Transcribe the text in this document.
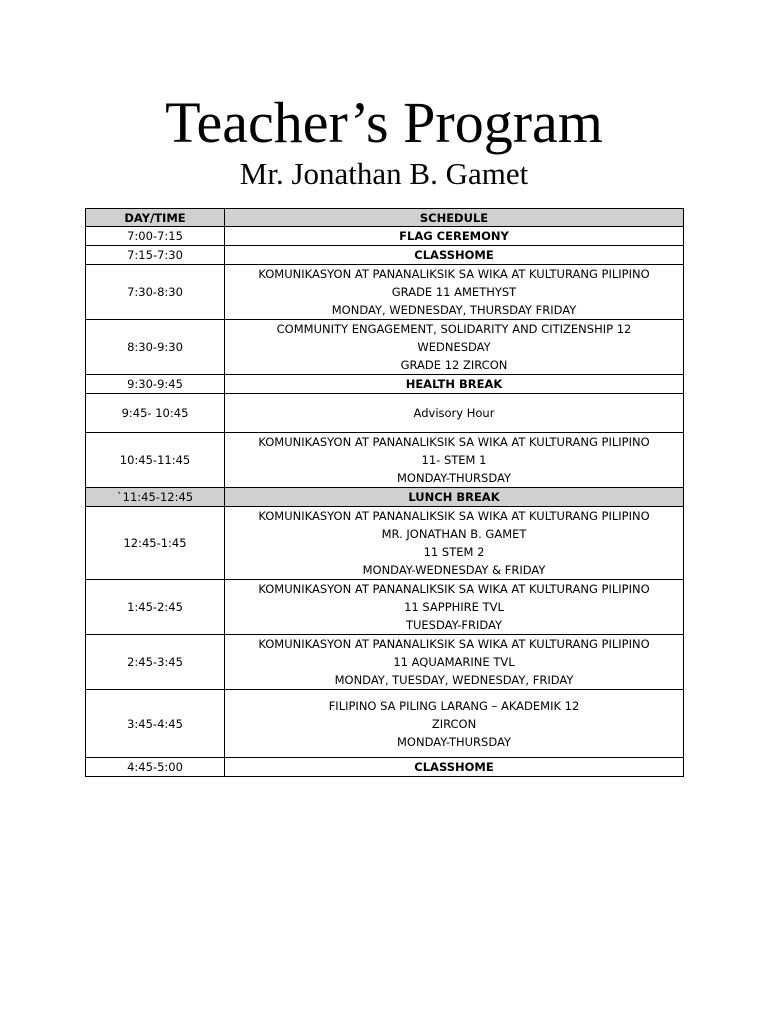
Teacher’s Program
Mr. Jonathan B. Gamet
DAY/TIME	SCHEDULE
7:00-7:15	FLAG CEREMONY

7:15-7:30	CLASSHOME

7:30-8:30	KOMUNIKASYON AT PANANALIKSIK SA WIKA AT KULTURANG PILIPINO
GRADE 11 AMETHYST
MONDAY, WEDNESDAY, THURSDAY FRIDAY

8:30-9:30	COMMUNITY ENGAGEMENT, SOLIDARITY AND CITIZENSHIP 12
WEDNESDAY
GRADE 12 ZIRCON

9:30-9:45	HEALTH BREAK

9:45- 10:45	Advisory Hour

10:45-11:45	KOMUNIKASYON AT PANANALIKSIK SA WIKA AT KULTURANG PILIPINO
11- STEM 1
MONDAY-THURSDAY

`11:45-12:45	LUNCH BREAK

12:45-1:45	KOMUNIKASYON AT PANANALIKSIK SA WIKA AT KULTURANG PILIPINO
MR. JONATHAN B. GAMET
11 STEM 2
MONDAY-WEDNESDAY & FRIDAY

1:45-2:45	KOMUNIKASYON AT PANANALIKSIK SA WIKA AT KULTURANG PILIPINO
11 SAPPHIRE TVL
TUESDAY-FRIDAY

2:45-3:45	KOMUNIKASYON AT PANANALIKSIK SA WIKA AT KULTURANG PILIPINO
11 AQUAMARINE TVL
MONDAY, TUESDAY, WEDNESDAY, FRIDAY

3:45-4:45	FILIPINO SA PILING LARANG – AKADEMIK 12
ZIRCON
MONDAY-THURSDAY

4:45-5:00	CLASSHOME
